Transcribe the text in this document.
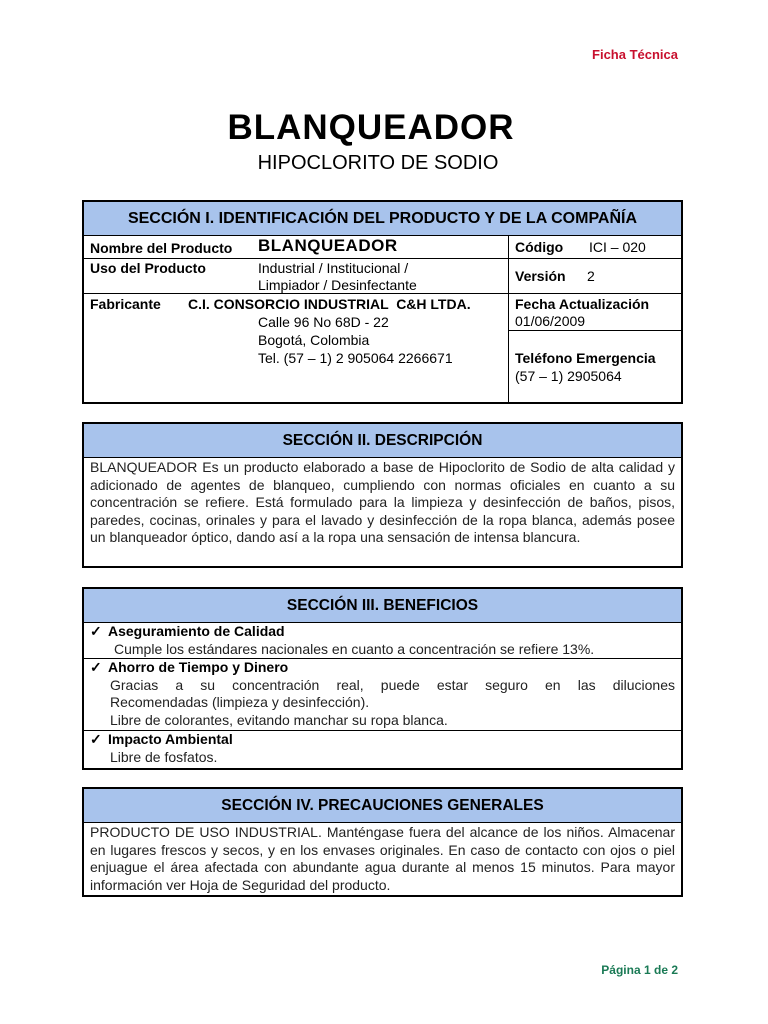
Ficha Técnica
BLANQUEADOR
HIPOCLORITO DE SODIO
SECCIÓN I. IDENTIFICACIÓN DEL PRODUCTO Y DE LA COMPAÑÍA
Nombre del Producto BLANQUEADOR	Código ICI – 020
Uso del Producto	Industrial / Institucional /
Limpiador / Desinfectante
Versión 2
Fabricante C.I. CONSORCIO INDUSTRIAL  C&H LTDA.
Calle 96 No 68D - 22
Bogotá, Colombia
Tel. (57 – 1) 2 905064 2266671
Fecha Actualización
01/06/2009
Teléfono Emergencia
(57 – 1) 2905064
SECCIÓN II. DESCRIPCIÓN
BLANQUEADOR Es un producto elaborado a base de Hipoclorito de Sodio de alta calidad y adicionado de agentes de blanqueo, cumpliendo con normas oficiales en cuanto a su concentración se refiere. Está formulado para la limpieza y desinfección de baños, pisos, paredes, cocinas, orinales y para el lavado y desinfección de la ropa blanca, además posee un blanqueador óptico, dando así a la ropa una sensación de intensa blancura.
SECCIÓN III. BENEFICIOS
✓ Aseguramiento de Calidad
Cumple los estándares nacionales en cuanto a concentración se refiere 13%.
✓ Ahorro de Tiempo y Dinero
Gracias a su concentración real, puede estar seguro en las diluciones
Recomendadas (limpieza y desinfección).
Libre de colorantes, evitando manchar su ropa blanca.
✓ Impacto Ambiental
Libre de fosfatos.
SECCIÓN IV. PRECAUCIONES GENERALES
PRODUCTO DE USO INDUSTRIAL. Manténgase fuera del alcance de los niños. Almacenar en lugares frescos y secos, y en los envases originales. En caso de contacto con ojos o piel enjuague el área afectada con abundante agua durante al menos 15 minutos. Para mayor información ver Hoja de Seguridad del producto.
Página 1 de 2
